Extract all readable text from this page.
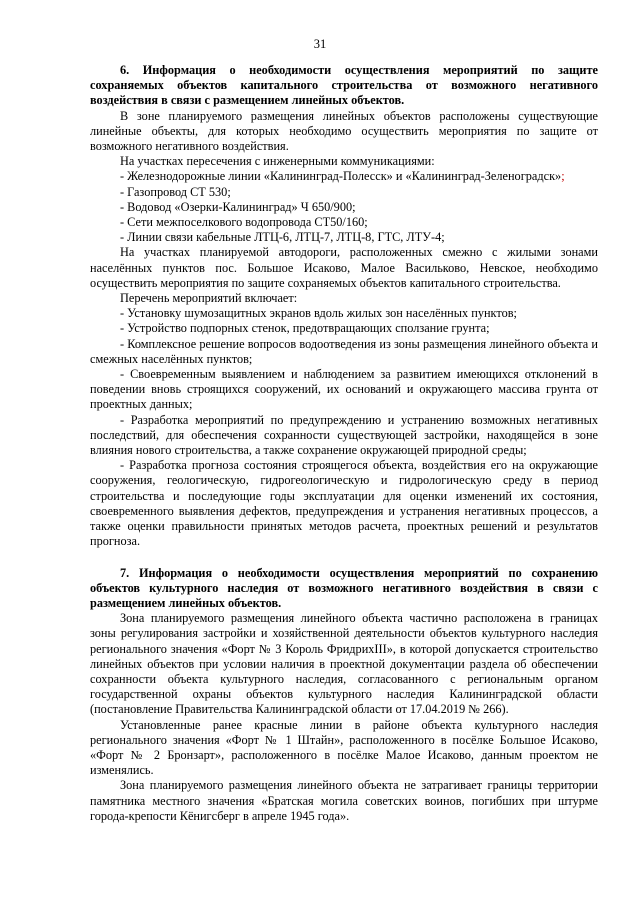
31

6. Информация о необходимости осуществления мероприятий по защите сохраняемых объектов капитального строительства от возможного негативного воздействия в связи с размещением линейных объектов.

В зоне планируемого размещения линейных объектов расположены существующие линейные объекты, для которых необходимо осуществить мероприятия по защите от возможного негативного воздействия.

На участках пересечения с инженерными коммуникациями:

- Железнодорожные линии «Калининград-Полесск» и «Калининград-Зеленоградск»;

- Газопровод СТ 530;

- Водовод «Озерки-Калининград» Ч 650/900;

- Сети межпоселкового водопровода СТ50/160;

- Линии связи кабельные ЛТЦ-6, ЛТЦ-7, ЛТЦ-8, ГТС, ЛТУ-4;

На участках планируемой автодороги, расположенных смежно с жилыми зонами населённых пунктов пос. Большое Исаково, Малое Васильково, Невское, необходимо осуществить мероприятия по защите сохраняемых объектов капитального строительства.

Перечень мероприятий включает:

- Установку шумозащитных экранов вдоль жилых зон населённых пунктов;

- Устройство подпорных стенок, предотвращающих сползание грунта;

- Комплексное решение вопросов водоотведения из зоны размещения линейного объекта и смежных населённых пунктов;

- Своевременным выявлением и наблюдением за развитием имеющихся отклонений в поведении вновь строящихся сооружений, их оснований и окружающего массива грунта от проектных данных;

- Разработка мероприятий по предупреждению и устранению возможных негативных последствий, для обеспечения сохранности существующей застройки, находящейся в зоне влияния нового строительства, а также сохранение окружающей природной среды;

- Разработка прогноза состояния строящегося объекта, воздействия его на окружающие сооружения, геологическую, гидрогеологическую и гидрологическую среду в период строительства и последующие годы эксплуатации для оценки изменений их состояния, своевременного выявления дефектов, предупреждения и устранения негативных процессов, а также оценки правильности принятых методов расчета, проектных решений и результатов прогноза.

7. Информация о необходимости осуществления мероприятий по сохранению объектов культурного наследия от возможного негативного воздействия в связи с размещением линейных объектов.

Зона планируемого размещения линейного объекта частично расположена в границах зоны регулирования застройки и хозяйственной деятельности объектов культурного наследия регионального значения «Форт № 3 Король ФридрихIII», в которой допускается строительство линейных объектов при условии наличия в проектной документации раздела об обеспечении сохранности объекта культурного наследия, согласованного с региональным органом государственной охраны объектов культурного наследия Калининградской области (постановление Правительства Калининградской области от 17.04.2019 № 266).

Установленные ранее красные линии в районе объекта культурного наследия регионального значения «Форт № 1 Штайн», расположенного в посёлке Большое Исаково, «Форт № 2 Бронзарт», расположенного в посёлке Малое Исаково, данным проектом не изменялись.

Зона планируемого размещения линейного объекта не затрагивает границы территории памятника местного значения «Братская могила советских воинов, погибших при штурме города-крепости Кёнигсберг в апреле 1945 года».
